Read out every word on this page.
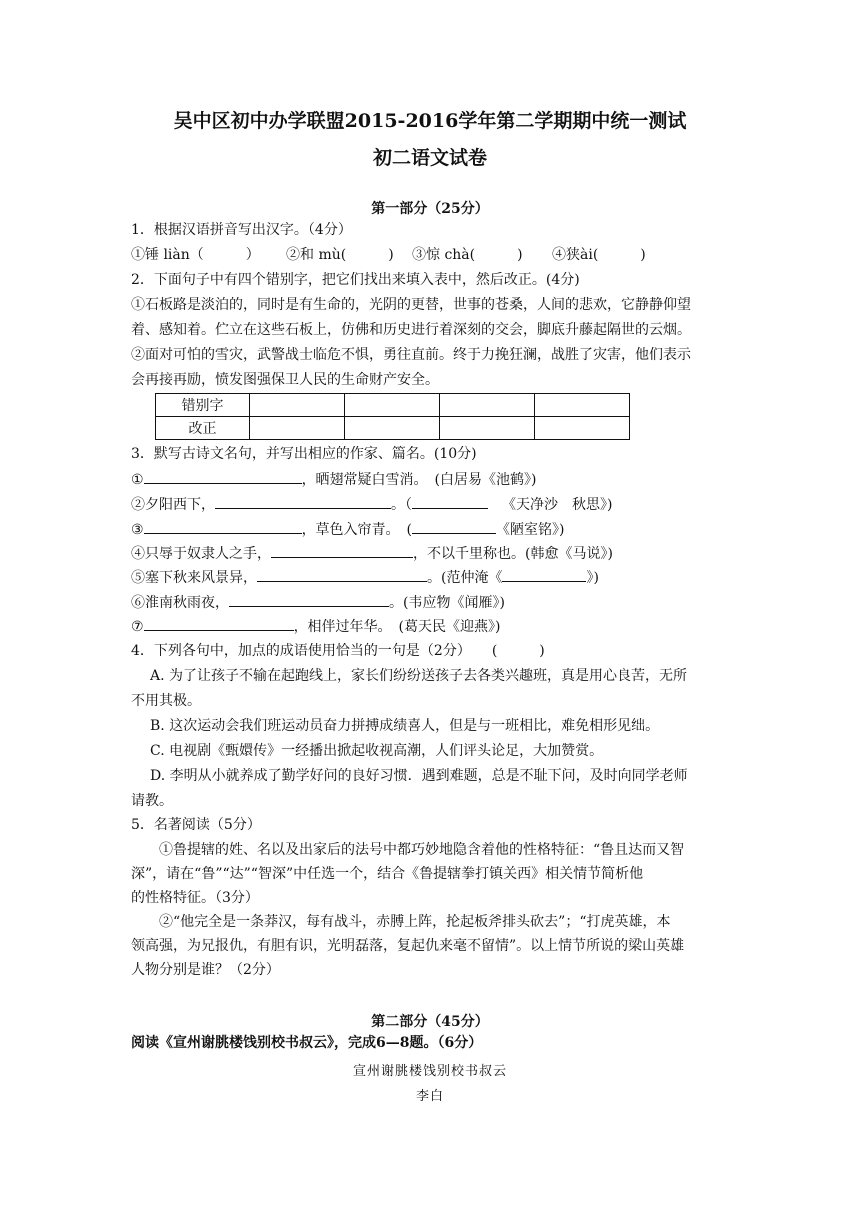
吴中区初中办学联盟2015-2016学年第二学期期中统一测试
初二语文试卷
第一部分（25分）
1．根据汉语拼音写出汉字。（4分）
①锤 liàn（　　　） ②和 mù(　　　) ③惊 chà(　　　) ④狭ài(　　　)
2．下面句子中有四个错别字，把它们找出来填入表中，然后改正。(4分)
①石板路是淡泊的，同时是有生命的，光阴的更替，世事的苍桑，人间的悲欢，它静静仰望
着、感知着。伫立在这些石板上，仿佛和历史进行着深刻的交会，脚底升藤起隔世的云烟。
②面对可怕的雪灾，武警战士临危不惧，勇往直前。终于力挽狂澜，战胜了灾害，他们表示
会再接再励，愤发图强保卫人民的生命财产安全。
错别字				
改正				
3．默写古诗文名句，并写出相应的作家、篇名。(10分)
①	，晒翅常疑白雪消。　(白居易《池鹤》)
②夕阳西下，	。（	《天净沙　秋思》)
③	，草色入帘青。　(	《陋室铭》)
④只辱于奴隶人之手，	，不以千里称也。(韩愈《马说》)
⑤塞下秋来风景异，	。(范仲淹《	》)
⑥淮南秋雨夜，	。(韦应物《闻雁》)
⑦	，相伴过年华。　(葛天民《迎燕》)
4．下列各句中，加点的成语使用恰当的一句是（2分）　　(　　　)
A. 为了让孩子不输在起跑线上，家长们纷纷送孩子去各类兴趣班，真是用心良苦，无所
不用其极。
B. 这次运动会我们班运动员奋力拼搏成绩喜人，但是与一班相比，难免相形见绌。
C. 电视剧《甄嬛传》一经播出掀起收视高潮，人们评头论足，大加赞赏。
D. 李明从小就养成了勤学好问的良好习惯．遇到难题，总是不耻下问，及时向同学老师
请教。
5．名著阅读（5分）
①鲁提辖的姓、名以及出家后的法号中都巧妙地隐含着他的性格特征：“鲁且达而又智
深”，请在“鲁”“达”“智深”中任选一个，结合《鲁提辖拳打镇关西》相关情节简析他
的性格特征。（3分）
②“他完全是一条莽汉，每有战斗，赤膊上阵，抡起板斧排头砍去”；“打虎英雄，本
领高强，为兄报仇，有胆有识，光明磊落，复起仇来毫不留情”。以上情节所说的梁山英雄
人物分别是谁？（2分）
第二部分（45分）
阅读《宣州谢朓楼饯别校书叔云》，完成6—8题。（6分）
宣州谢朓楼饯别校书叔云
李白
